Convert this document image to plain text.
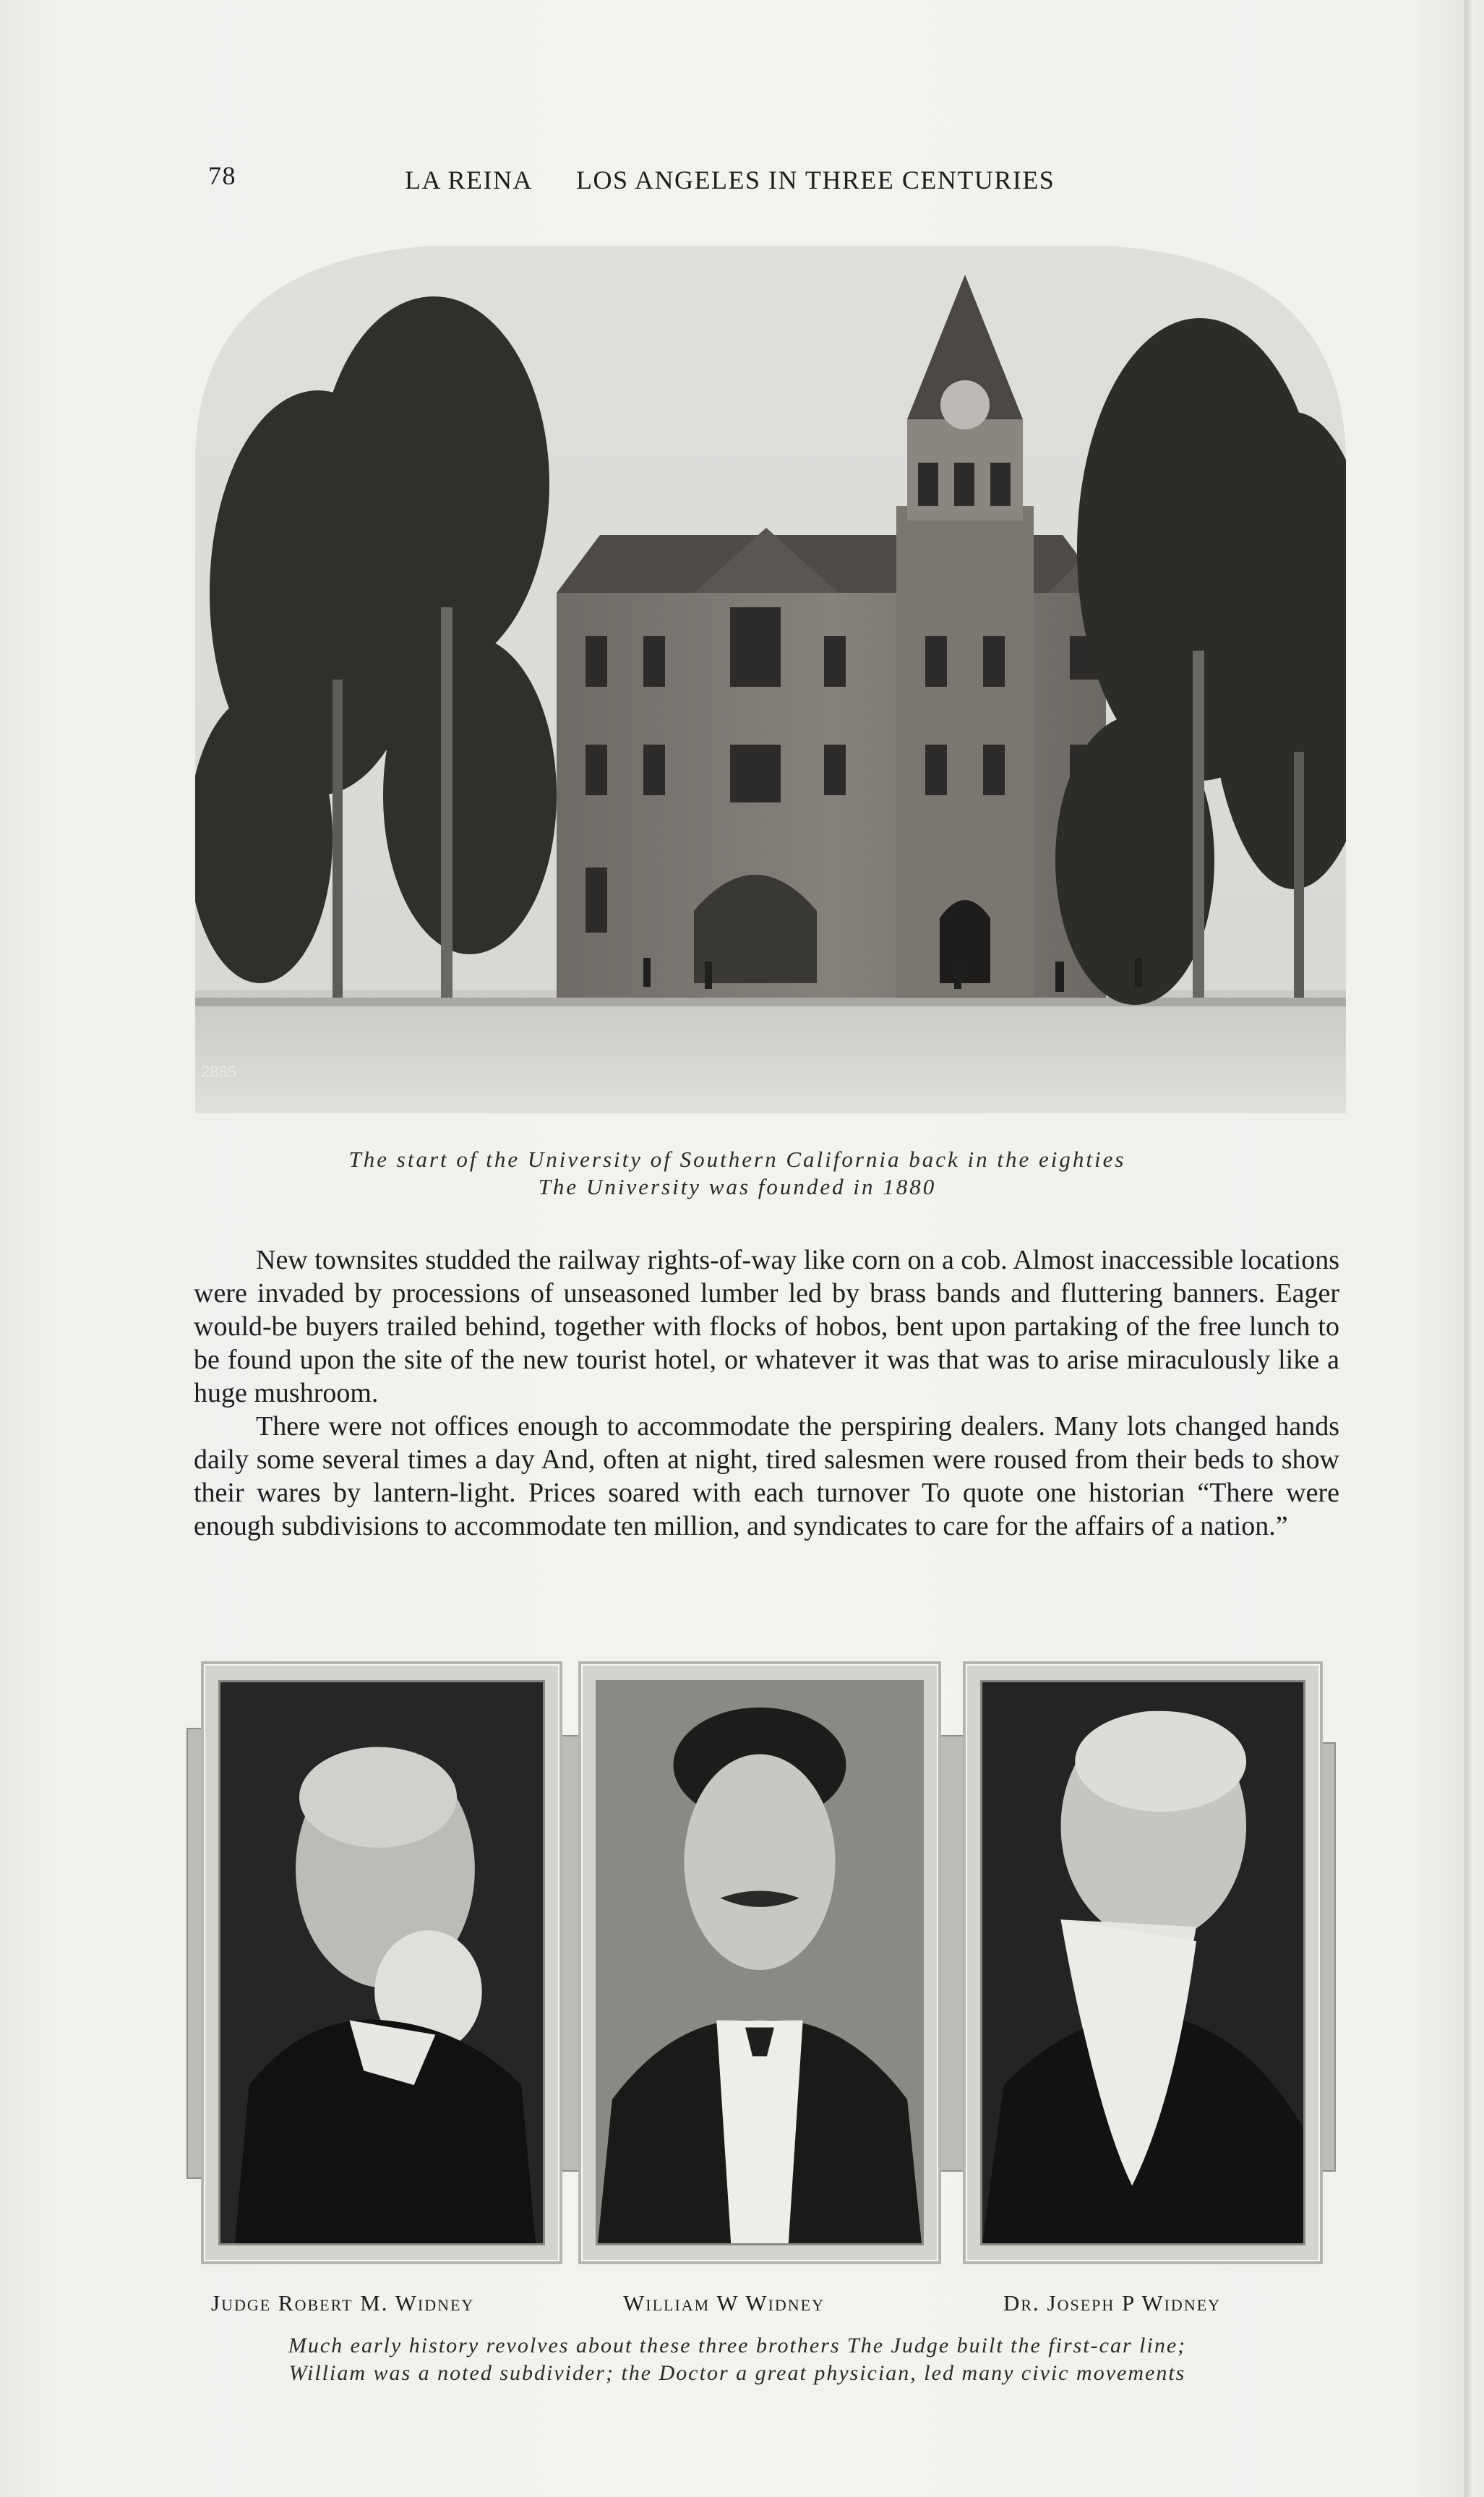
78	LA REINA LOS ANGELES IN THREE CENTURIES
2885
The start of the University of Southern California back in the eighties
The University was founded in 1880

New townsites studded the railway rights-of-way like corn on a cob. Almost inaccessible locations were invaded by processions of unseasoned lumber led by brass bands and fluttering banners. Eager would-be buyers trailed behind, together with flocks of hobos, bent upon partaking of the free lunch to be found upon the site of the new tourist hotel, or whatever it was that was to arise miraculously like a huge mushroom.

There were not offices enough to accommodate the perspiring dealers. Many lots changed hands daily some several times a day And, often at night, tired salesmen were roused from their beds to show their wares by lantern-light. Prices soared with each turnover To quote one historian “There were enough subdivisions to accommodate ten million, and syndicates to care for the affairs of a nation.”

Judge Robert M. Widney	William W Widney	Dr. Joseph P Widney
Much early history revolves about these three brothers The Judge built the first-car line;
William was a noted subdivider; the Doctor a great physician, led many civic movements
